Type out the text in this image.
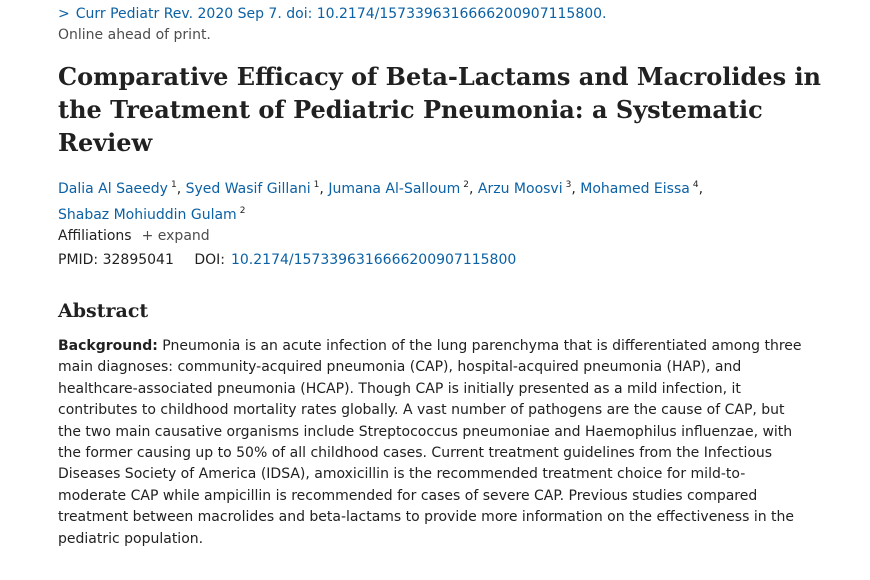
> Curr Pediatr Rev. 2020 Sep 7. doi: 10.2174/1573396316666200907115800.
Online ahead of print.
Comparative Efficacy of Beta-Lactams and Macrolides in the Treatment of Pediatric Pneumonia: a Systematic Review
Dalia Al Saeedy $^1$, Syed Wasif Gillani $^1$, Jumana Al-Salloum $^2$, Arzu Moosvi $^3$, Mohamed Eissa $^4$, Shabaz Mohiuddin Gulam $^2$
Affiliations + expand
PMID: 32895041 DOI: 10.2174/1573396316666200907115800
Abstract

Background: Pneumonia is an acute infection of the lung parenchyma that is differentiated among three main diagnoses: community-acquired pneumonia (CAP), hospital-acquired pneumonia (HAP), and healthcare-associated pneumonia (HCAP). Though CAP is initially presented as a mild infection, it contributes to childhood mortality rates globally. A vast number of pathogens are the cause of CAP, but the two main causative organisms include Streptococcus pneumoniae and Haemophilus influenzae, with the former causing up to 50% of all childhood cases. Current treatment guidelines from the Infectious Diseases Society of America (IDSA), amoxicillin is the recommended treatment choice for mild-to-moderate CAP while ampicillin is recommended for cases of severe CAP. Previous studies compared treatment between macrolides and beta-lactams to provide more information on the effectiveness in the pediatric population.
